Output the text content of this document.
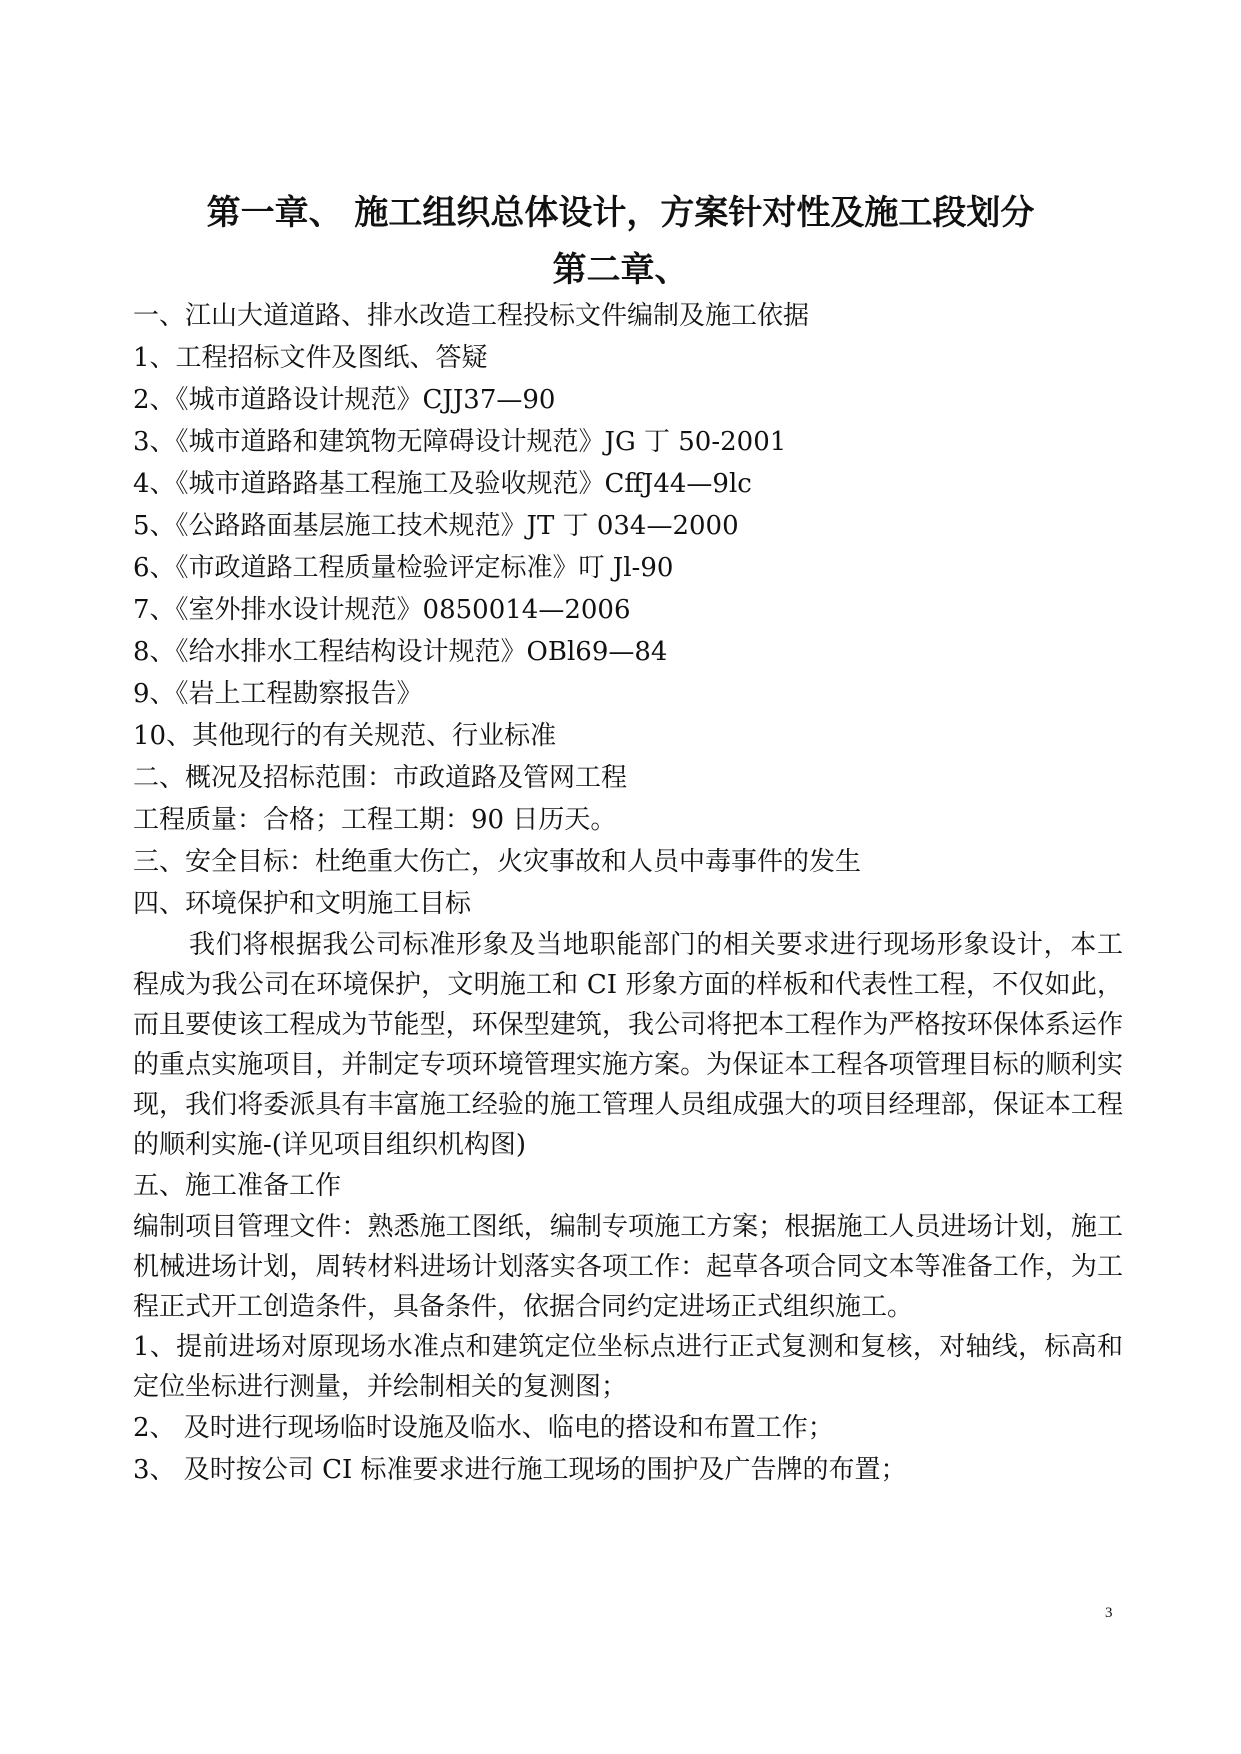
第一章、 施工组织总体设计，方案针对性及施工段划分
第二章、

一、江山大道道路、排水改造工程投标文件编制及施工依据

1、工程招标文件及图纸、答疑

2、《城市道路设计规范》CJJ37—90

3、《城市道路和建筑物无障碍设计规范》JG 丁 50-2001

4、《城市道路路基工程施工及验收规范》CffJ44—9lc

5、《公路路面基层施工技术规范》JT 丁 034—2000

6、《市政道路工程质量检验评定标准》叮 Jl-90

7、《室外排水设计规范》0850014—2006

8、《给水排水工程结构设计规范》OBl69—84

9、《岩上工程勘察报告》

10、其他现行的有关规范、行业标准

二、概况及招标范围：市政道路及管网工程

工程质量：合格；工程工期：90 日历天。

三、安全目标：杜绝重大伤亡，火灾事故和人员中毒事件的发生

四、环境保护和文明施工目标

我们将根据我公司标准形象及当地职能部门的相关要求进行现场形象设计，本工程成为我公司在环境保护，文明施工和 CI 形象方面的样板和代表性工程，不仅如此，而且要使该工程成为节能型，环保型建筑，我公司将把本工程作为严格按环保体系运作的重点实施项目，并制定专项环境管理实施方案。为保证本工程各项管理目标的顺利实现，我们将委派具有丰富施工经验的施工管理人员组成强大的项目经理部，保证本工程的顺利实施-(详见项目组织机构图)

五、施工准备工作

编制项目管理文件：熟悉施工图纸，编制专项施工方案；根据施工人员进场计划，施工机械进场计划，周转材料进场计划落实各项工作：起草各项合同文本等准备工作，为工程正式开工创造条件，具备条件，依据合同约定进场正式组织施工。

1、提前进场对原现场水准点和建筑定位坐标点进行正式复测和复核，对轴线，标高和定位坐标进行测量，并绘制相关的复测图；

2、 及时进行现场临时设施及临水、临电的搭设和布置工作；

3、 及时按公司 CI 标准要求进行施工现场的围护及广告牌的布置；

3
